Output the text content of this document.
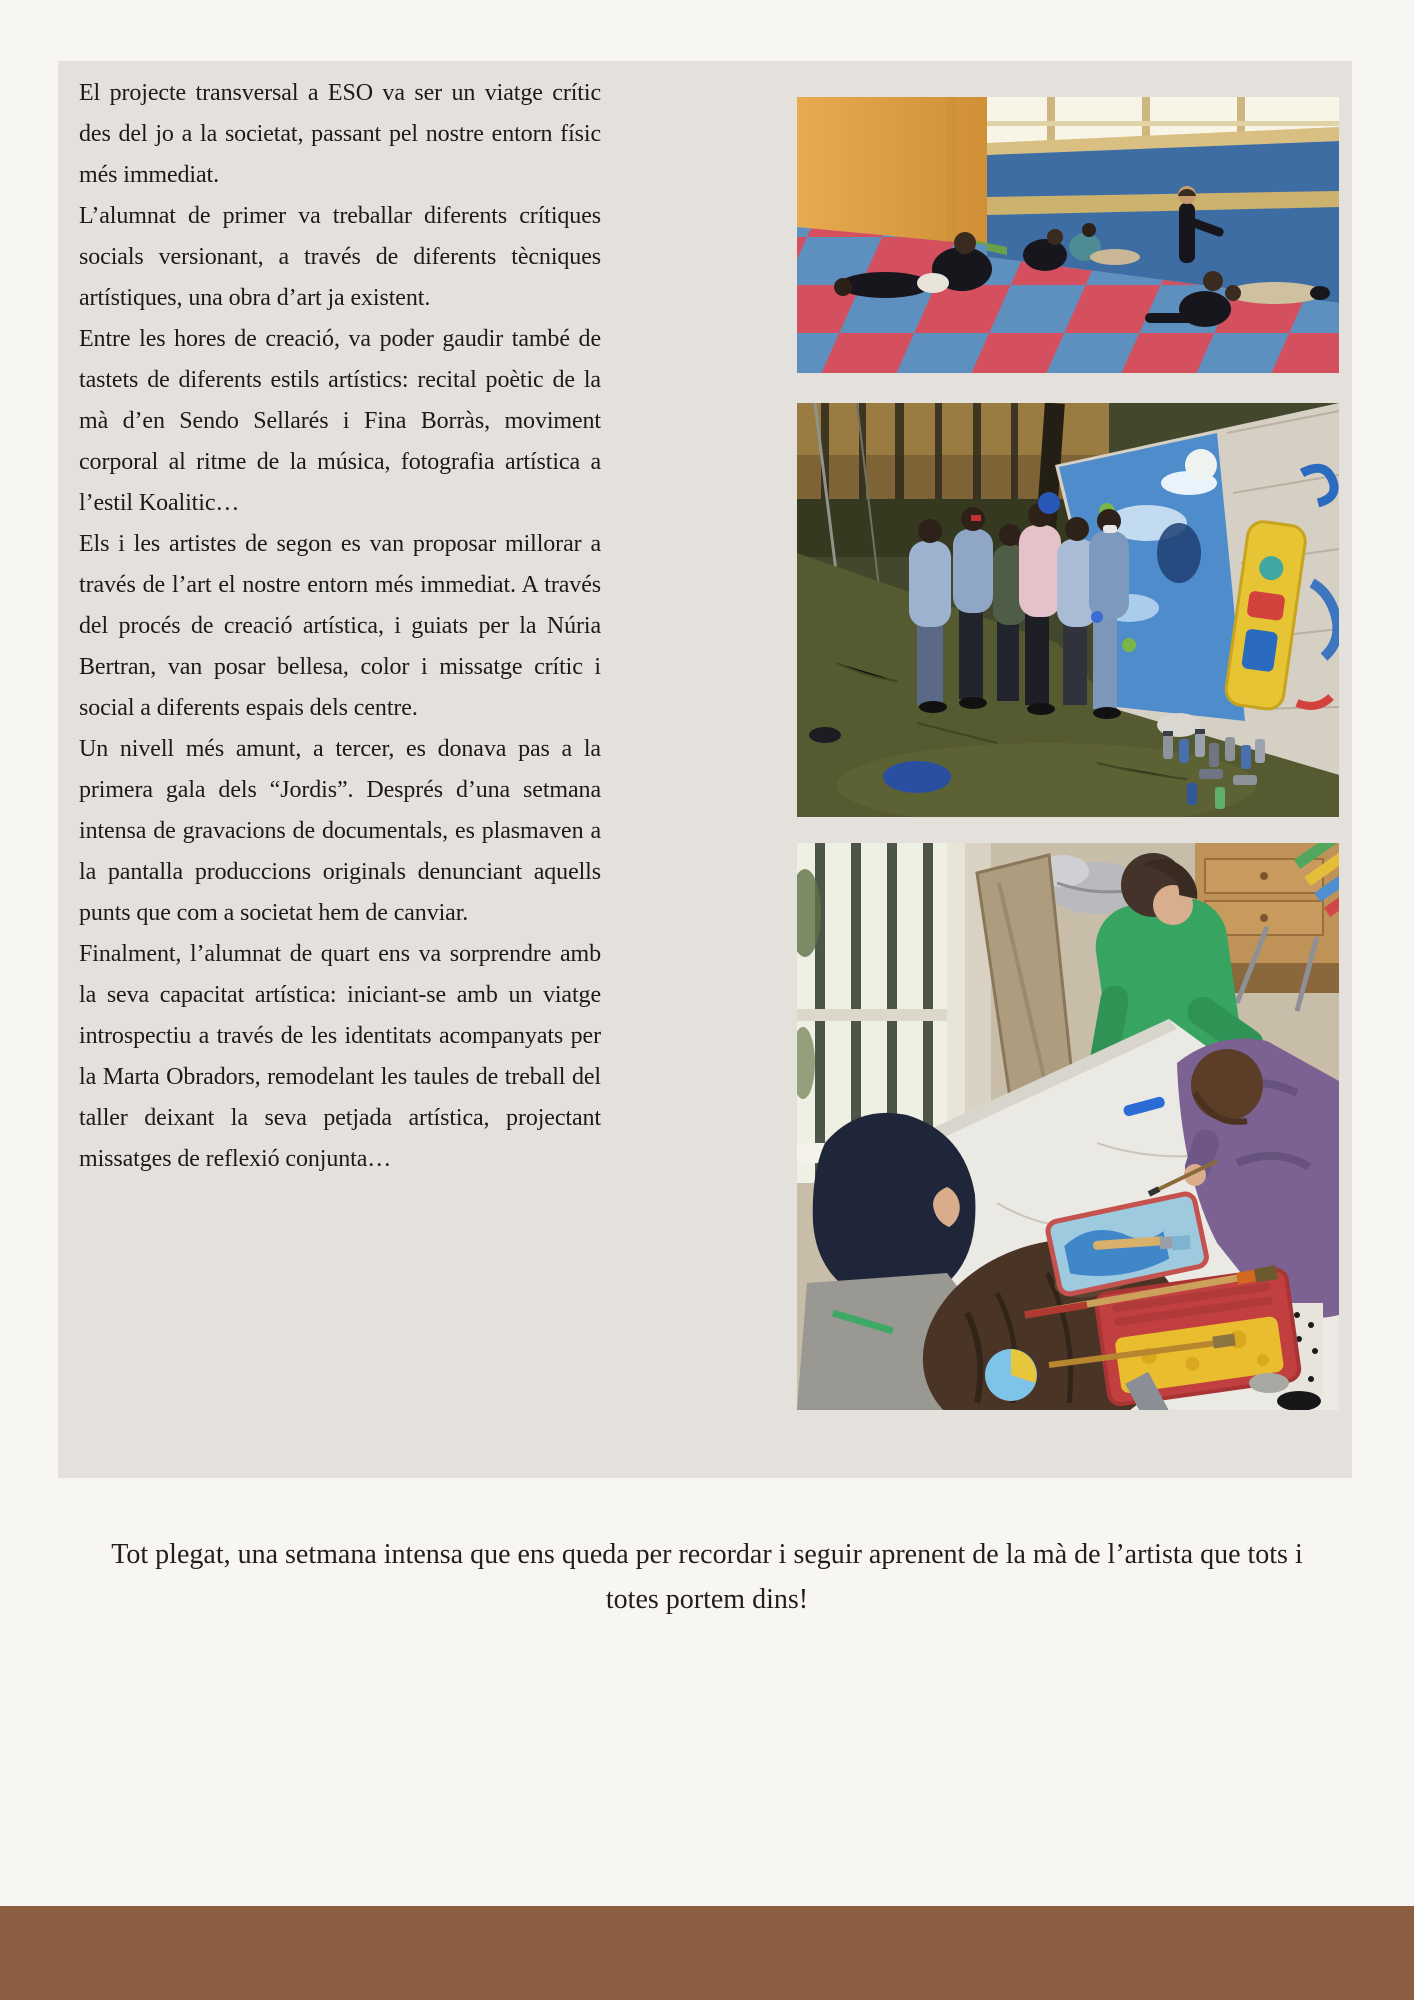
El projecte transversal a ESO va ser un viatge crític des del jo a la societat, passant pel nostre entorn físic més immediat.

L’alumnat de primer va treballar diferents crítiques socials versionant, a través de diferents tècniques artístiques, una obra d’art ja existent.

Entre les hores de creació, va poder gaudir també de tastets de diferents estils artístics: recital poètic de la mà d’en Sendo Sellarés i Fina Borràs, moviment corporal al ritme de la música, fotografia artística a l’estil Koalitic…

Els i les artistes de segon es van proposar millorar a través de l’art el nostre entorn més immediat. A través del procés de creació artística, i guiats per la Núria Bertran, van posar bellesa, color i missatge crític i social a diferents espais dels centre.

Un nivell més amunt, a tercer, es donava pas a la primera gala dels “Jordis”. Després d’una setmana intensa de gravacions de documentals, es plasmaven a la pantalla produccions originals denunciant aquells punts que com a societat hem de canviar.

Finalment, l’alumnat de quart ens va sorprendre amb la seva capacitat artística: iniciant-se amb un viatge introspectiu a través de les identitats acompanyats per la Marta Obradors, remodelant les taules de treball del taller deixant la seva petjada artística, projectant missatges de reflexió conjunta…

Tot plegat, una setmana intensa que ens queda per recordar i seguir aprenent de la mà de l’artista que tots i totes portem dins!
